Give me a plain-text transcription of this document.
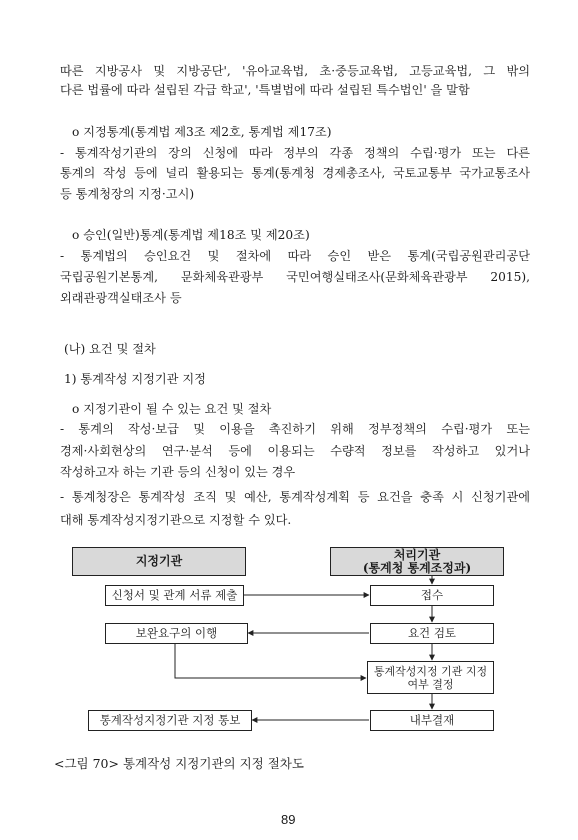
따른 지방공사 및 지방공단', '유아교육법, 초·중등교육법, 고등교육법, 그 밖의
다른 법률에 따라 설립된 각급 학교', '특별법에 따라 설립된 특수법인' 을 말함
o 지정통계(통계법 제3조 제2호, 통계법 제17조)
- 통계작성기관의 장의 신청에 따라 정부의 각종 정책의 수립·평가 또는 다른
통계의 작성 등에 널리 활용되는 통계(통계청 경제총조사, 국토교통부 국가교통조사
등 통계청장의 지정·고시)
o 승인(일반)통계(통계법 제18조 및 제20조)
- 통계법의 승인요건 및 절차에 따라 승인 받은 통계(국립공원관리공단
국립공원기본통계, 문화체육관광부 국민여행실태조사(문화체육관광부 2015),
외래관광객실태조사 등
(나) 요건 및 절차
1) 통계작성 지정기관 지정
o 지정기관이 될 수 있는 요건 및 절차
- 통계의 작성·보급 및 이용을 촉진하기 위해 정부정책의 수립·평가 또는
경제·사회현상의 연구·분석 등에 이용되는 수량적 정보를 작성하고 있거나
작성하고자 하는 기관 등의 신청이 있는 경우
- 통계청장은 통계작성 조직 및 예산, 통계작성계획 등 요건을 충족 시 신청기관에
대해 통계작성지정기관으로 지정할 수 있다.
지정기관	처리기관
(통계청 통계조정과)
신청서 및 관계 서류 제출
보완요구의 이행
통계작성지정기관 지정 통보
접수
요건 검토
통계작성지정 기관 지정 여부 결정
내부결재
<그림 70> 통계작성 지정기관의 지정 절차도
89
